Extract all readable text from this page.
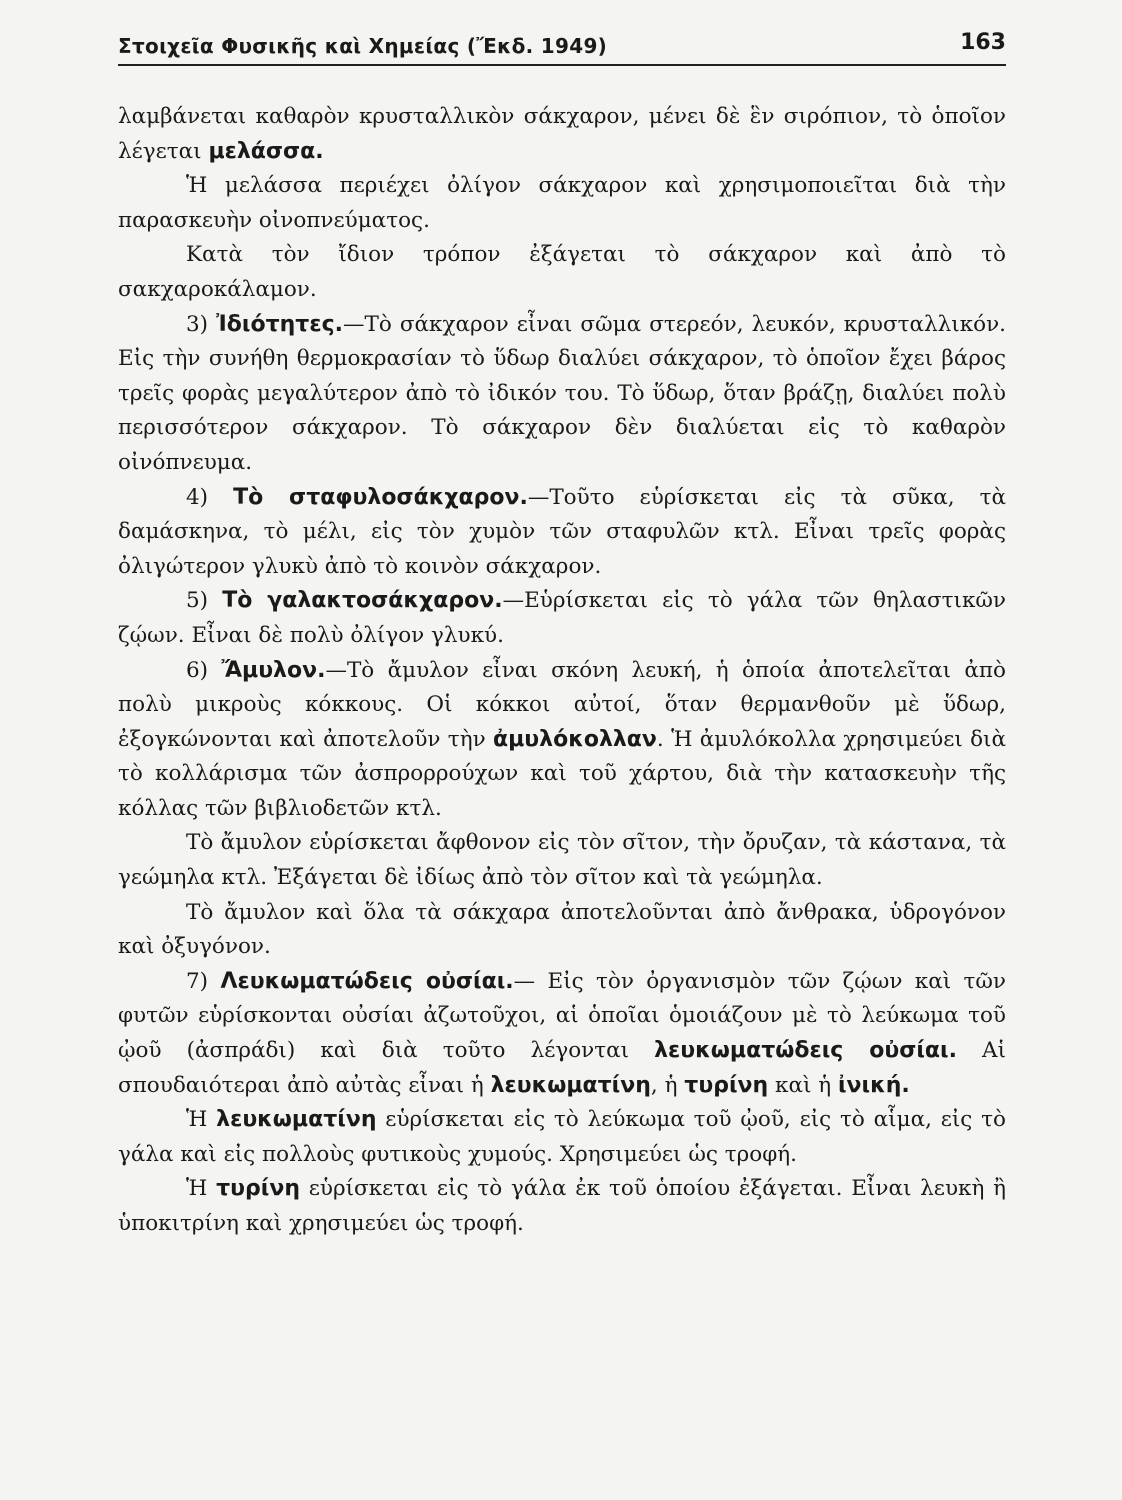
Στοιχεῖα Φυσικῆς καὶ Χημείας (Ἔκδ. 1949)	163

λαμβάνεται καθαρὸν κρυσταλλικὸν σάκχαρον, μένει δὲ ἓν σιρόπιον, τὸ ὁποῖον λέγεται μελάσσα.

Ἡ μελάσσα περιέχει ὀλίγον σάκχαρον καὶ χρησιμοποιεῖται διὰ τὴν παρασκευὴν οἰνοπνεύματος.

Κατὰ τὸν ἴδιον τρόπον ἐξάγεται τὸ σάκχαρον καὶ ἀπὸ τὸ σακχαροκάλαμον.

3) Ἰδιότητες.—Τὸ σάκχαρον εἶναι σῶμα στερεόν, λευκόν, κρυσταλλικόν. Εἰς τὴν συνήθη θερμοκρασίαν τὸ ὕδωρ διαλύει σάκχαρον, τὸ ὁποῖον ἔχει βάρος τρεῖς φορὰς μεγαλύτερον ἀπὸ τὸ ἰδικόν του. Τὸ ὕδωρ, ὅταν βράζῃ, διαλύει πολὺ περισσότερον σάκχαρον. Τὸ σάκχαρον δὲν διαλύεται εἰς τὸ καθαρὸν οἰνόπνευμα.

4) Τὸ σταφυλοσάκχαρον.—Τοῦτο εὑρίσκεται εἰς τὰ σῦκα, τὰ δαμάσκηνα, τὸ μέλι, εἰς τὸν χυμὸν τῶν σταφυλῶν κτλ. Εἶναι τρεῖς φορὰς ὀλιγώτερον γλυκὺ ἀπὸ τὸ κοινὸν σάκχαρον.

5) Τὸ γαλακτοσάκχαρον.—Εὑρίσκεται εἰς τὸ γάλα τῶν θηλαστικῶν ζῴων. Εἶναι δὲ πολὺ ὀλίγον γλυκύ.

6) Ἄμυλον.—Τὸ ἄμυλον εἶναι σκόνη λευκή, ἡ ὁποία ἀποτελεῖται ἀπὸ πολὺ μικροὺς κόκκους. Οἱ κόκκοι αὐτοί, ὅταν θερμανθοῦν μὲ ὕδωρ, ἐξογκώνονται καὶ ἀποτελοῦν τὴν ἀμυλόκολλαν. Ἡ ἀμυλόκολλα χρησιμεύει διὰ τὸ κολλάρισμα τῶν ἀσπρορρούχων καὶ τοῦ χάρτου, διὰ τὴν κατασκευὴν τῆς κόλλας τῶν βιβλιοδετῶν κτλ.

Τὸ ἄμυλον εὑρίσκεται ἄφθονον εἰς τὸν σῖτον, τὴν ὄρυζαν, τὰ κάστανα, τὰ γεώμηλα κτλ. Ἐξάγεται δὲ ἰδίως ἀπὸ τὸν σῖτον καὶ τὰ γεώμηλα.

Τὸ ἄμυλον καὶ ὅλα τὰ σάκχαρα ἀποτελοῦνται ἀπὸ ἄνθρακα, ὑδρογόνον καὶ ὀξυγόνον.

7) Λευκωματώδεις οὐσίαι.— Εἰς τὸν ὀργανισμὸν τῶν ζῴων καὶ τῶν φυτῶν εὑρίσκονται οὐσίαι ἀζωτοῦχοι, αἱ ὁποῖαι ὁμοιάζουν μὲ τὸ λεύκωμα τοῦ ᾠοῦ (ἀσπράδι) καὶ διὰ τοῦτο λέγονται λευκωματώδεις οὐσίαι. Αἱ σπουδαιότεραι ἀπὸ αὐτὰς εἶναι ἡ λευκωματίνη, ἡ τυρίνη καὶ ἡ ἰνική.

Ἡ λευκωματίνη εὑρίσκεται εἰς τὸ λεύκωμα τοῦ ᾠοῦ, εἰς τὸ αἷμα, εἰς τὸ γάλα καὶ εἰς πολλοὺς φυτικοὺς χυμούς. Χρησιμεύει ὡς τροφή.

Ἡ τυρίνη εὑρίσκεται εἰς τὸ γάλα ἐκ τοῦ ὁποίου ἐξάγεται. Εἶναι λευκὴ ἢ ὑποκιτρίνη καὶ χρησιμεύει ὡς τροφή.
